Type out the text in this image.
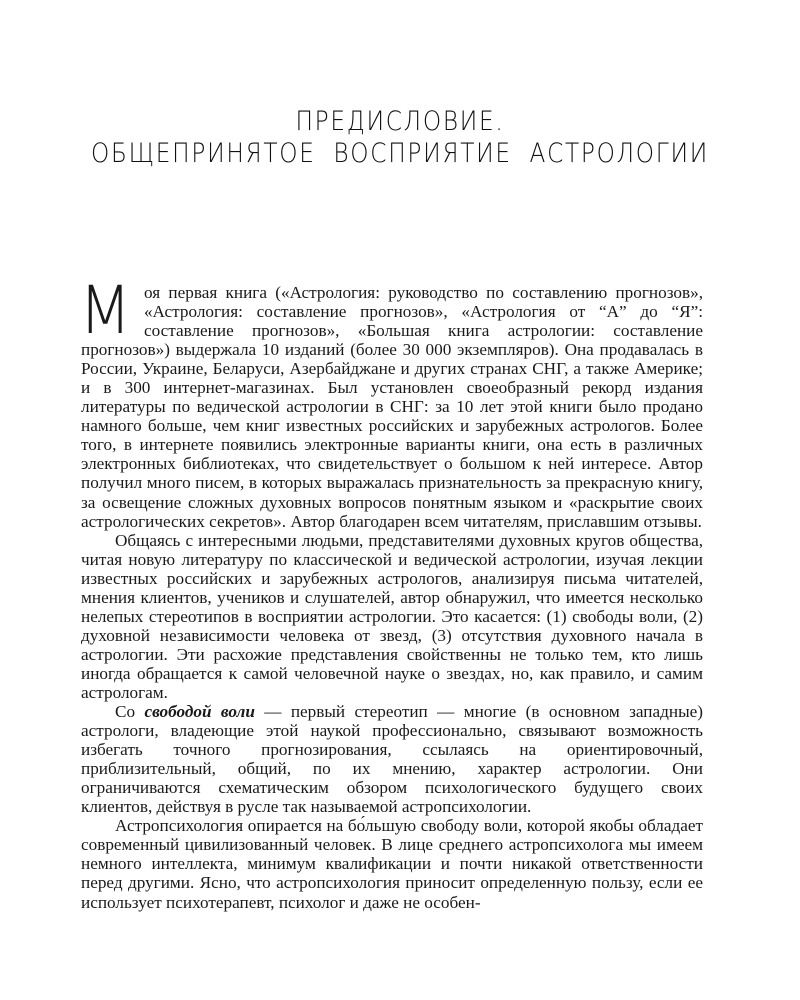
ПРЕДИСЛОВИЕ.
ОБЩЕПРИНЯТОЕ ВОСПРИЯТИЕ АСТРОЛОГИИ

Моя первая книга («Астрология: руководство по составлению прогнозов», «Астрология: составление прогнозов», «Астрология от “А” до “Я”: составление прогнозов», «Большая книга астрологии: составление прогнозов») выдержала 10 изданий (более 30 000 экземпляров). Она продавалась в России, Украине, Беларуси, Азербайджане и других странах СНГ, а также Америке; и в 300 интернет-магазинах. Был установлен своеобразный рекорд издания литературы по ведической астрологии в СНГ: за 10 лет этой книги было продано намного больше, чем книг известных российских и зарубежных астрологов. Более того, в интернете появились электронные варианты книги, она есть в различных электронных библиотеках, что свидетельствует о большом к ней интересе. Автор получил много писем, в которых выражалась признательность за прекрасную книгу, за освещение сложных духовных вопросов понятным языком и «раскрытие своих астрологических секретов». Автор благодарен всем читателям, приславшим отзывы.

Общаясь с интересными людьми, представителями духовных кругов общества, читая новую литературу по классической и ведической астрологии, изучая лекции известных российских и зарубежных астрологов, анализируя письма читателей, мнения клиентов, учеников и слушателей, автор обнаружил, что имеется несколько нелепых стереотипов в восприятии астрологии. Это касается: (1) свободы воли, (2) духовной независимости человека от звезд, (3) отсутствия духовного начала в астрологии. Эти расхожие представления свойственны не только тем, кто лишь иногда обращается к самой человечной науке о звездах, но, как правило, и самим астрологам.

Со свободой воли — первый стереотип — многие (в основном западные) астрологи, владеющие этой наукой профессионально, связывают возможность избегать точного прогнозирования, ссылаясь на ориентировочный, приблизительный, общий, по их мнению, характер астрологии. Они ограничиваются схематическим обзором психологического будущего своих клиентов, действуя в русле так называемой астропсихологии.

Астропсихология опирается на бо́льшую свободу воли, которой якобы обладает современный цивилизованный человек. В лице среднего астропсихолога мы имеем немного интеллекта, минимум квалификации и почти никакой ответственности перед другими. Ясно, что астропсихология приносит определенную пользу, если ее использует психотерапевт, психолог и даже не особен-
